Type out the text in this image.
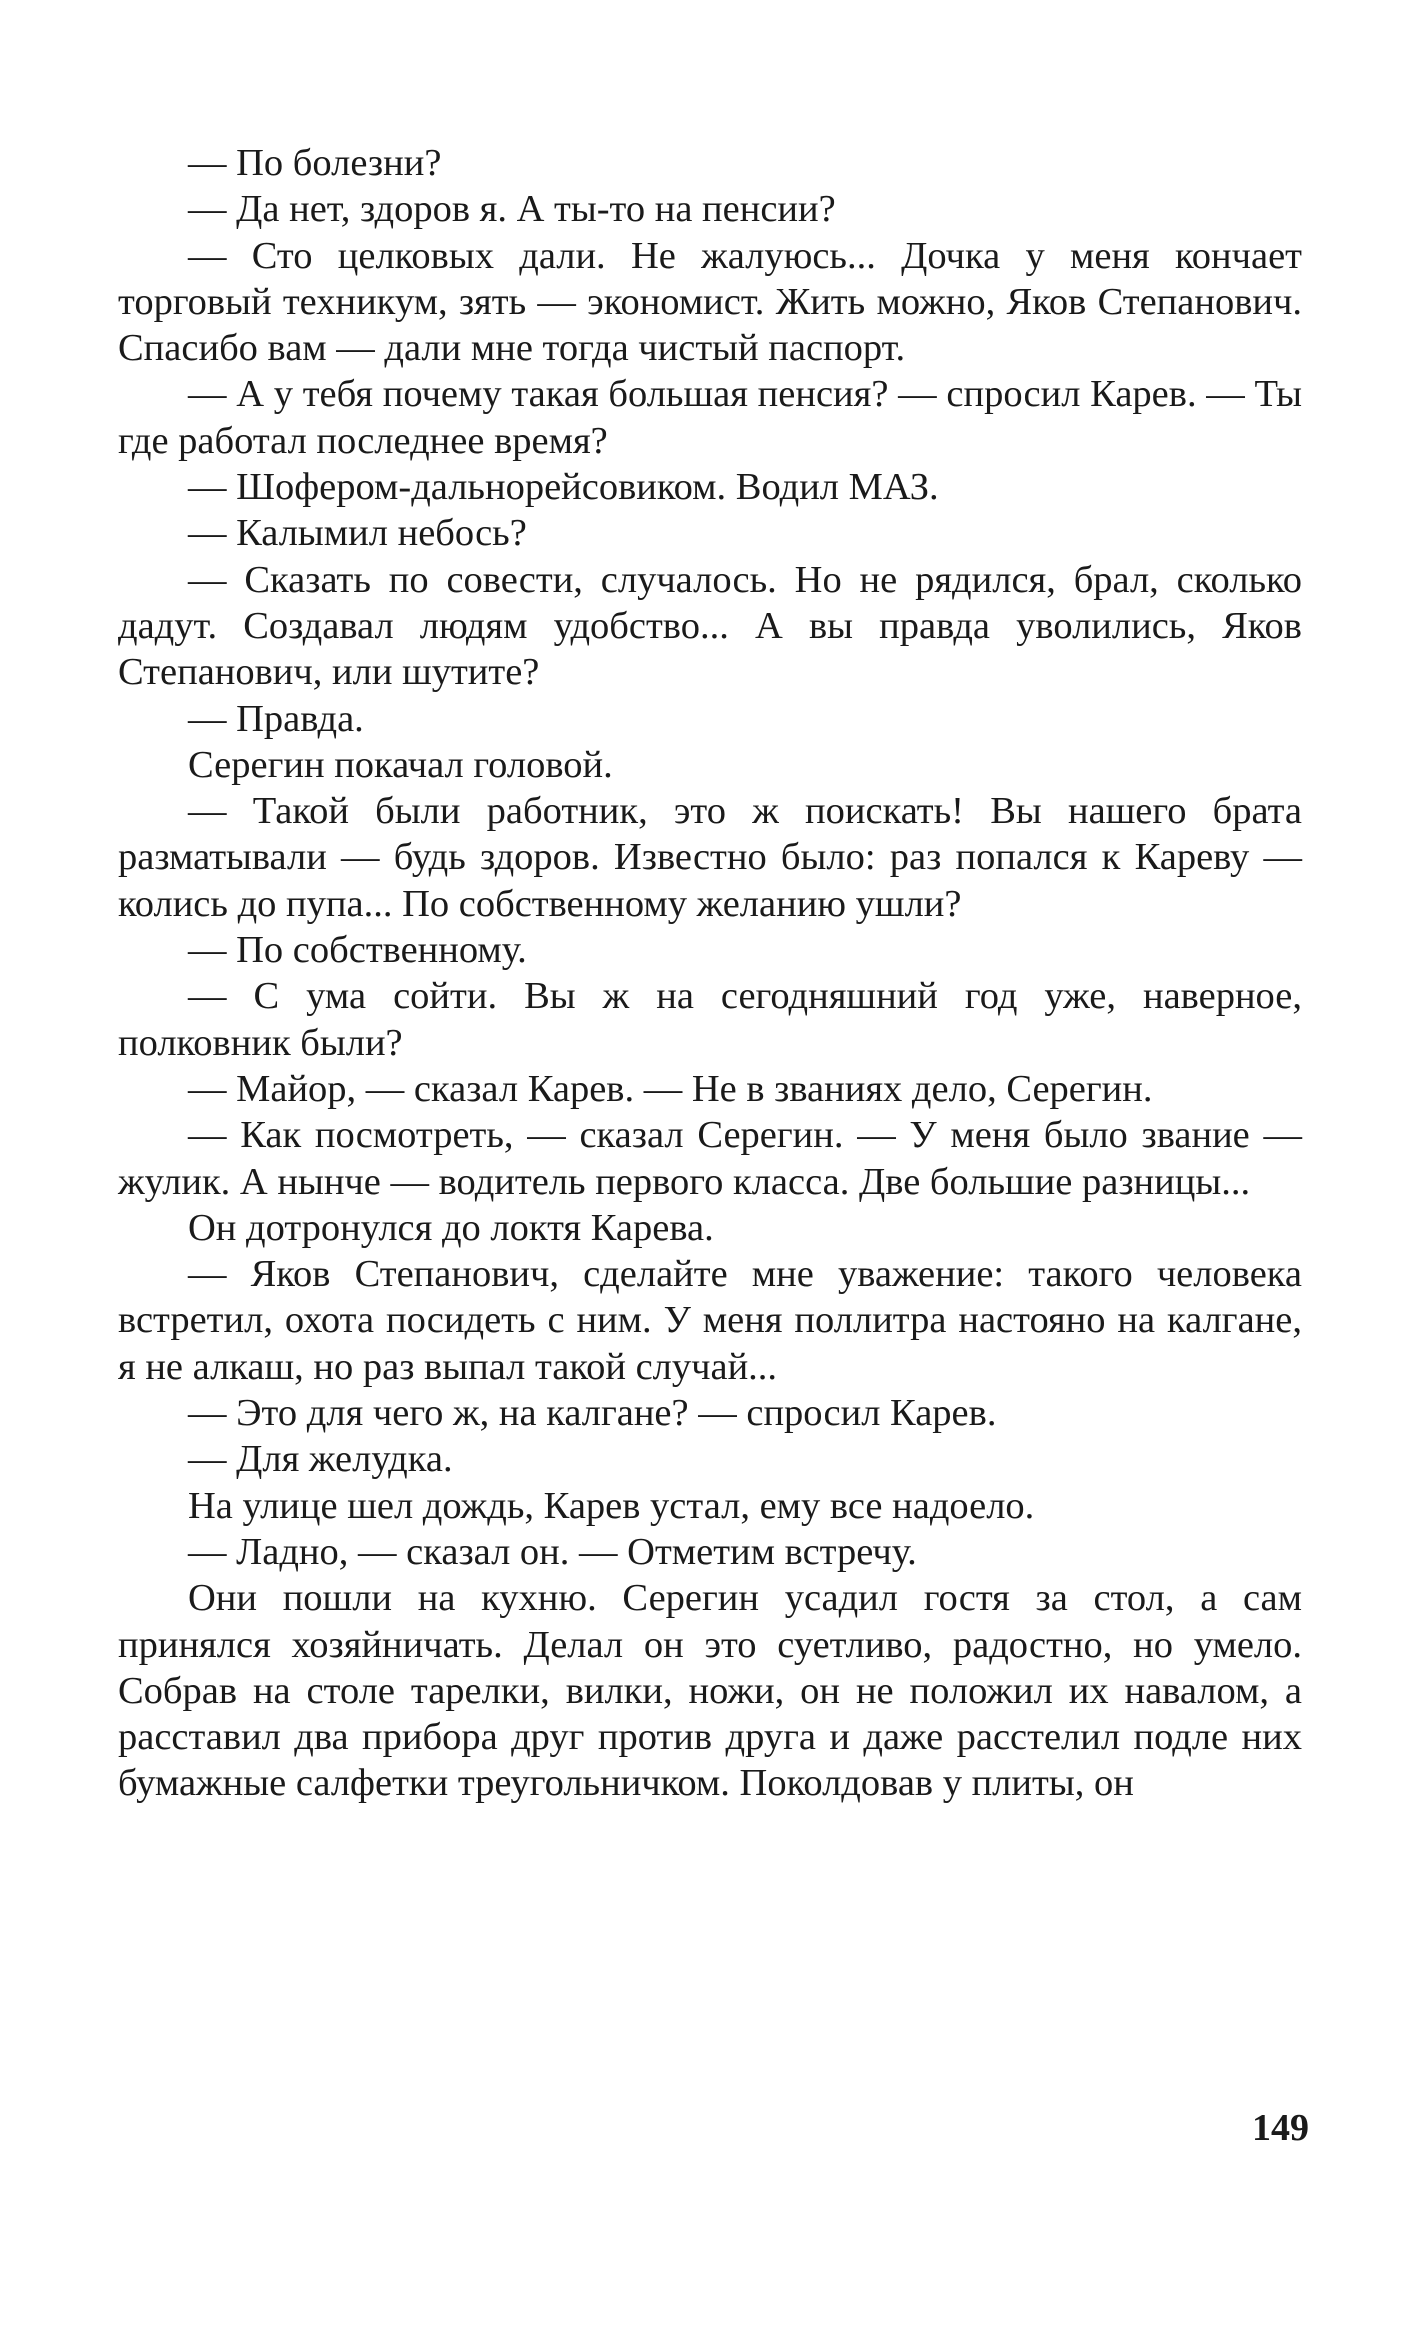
— По болезни?

— Да нет, здоров я. А ты-то на пенсии?

— Сто целковых дали. Не жалуюсь... Дочка у меня кончает торговый техникум, зять — экономист. Жить можно, Яков Степанович. Спасибо вам — дали мне тогда чистый паспорт.

— А у тебя почему такая большая пенсия? — спросил Карев. — Ты где работал последнее время?

— Шофером-дальнорейсовиком. Водил МАЗ.

— Калымил небось?

— Сказать по совести, случалось. Но не рядился, брал, сколько дадут. Создавал людям удобство... А вы правда уволились, Яков Степанович, или шутите?

— Правда.

Серегин покачал головой.

— Такой были работник, это ж поискать! Вы нашего брата разматывали — будь здоров. Известно было: раз попался к Кареву — колись до пупа... По собственному желанию ушли?

— По собственному.

— С ума сойти. Вы ж на сегодняшний год уже, наверное, полковник были?

— Майор, — сказал Карев. — Не в званиях дело, Серегин.

— Как посмотреть, — сказал Серегин. — У меня было звание — жулик. А нынче — водитель первого класса. Две большие разницы...

Он дотронулся до локтя Карева.

— Яков Степанович, сделайте мне уважение: такого человека встретил, охота посидеть с ним. У меня поллитра настояно на калгане, я не алкаш, но раз выпал такой случай...

— Это для чего ж, на калгане? — спросил Карев.

— Для желудка.

На улице шел дождь, Карев устал, ему все надоело.

— Ладно, — сказал он. — Отметим встречу.

Они пошли на кухню. Серегин усадил гостя за стол, а сам принялся хозяйничать. Делал он это суетливо, радостно, но умело. Собрав на столе тарелки, вилки, ножи, он не положил их навалом, а расставил два прибора друг против друга и даже расстелил подле них бумажные салфетки треугольничком. Поколдовав у плиты, он

149
